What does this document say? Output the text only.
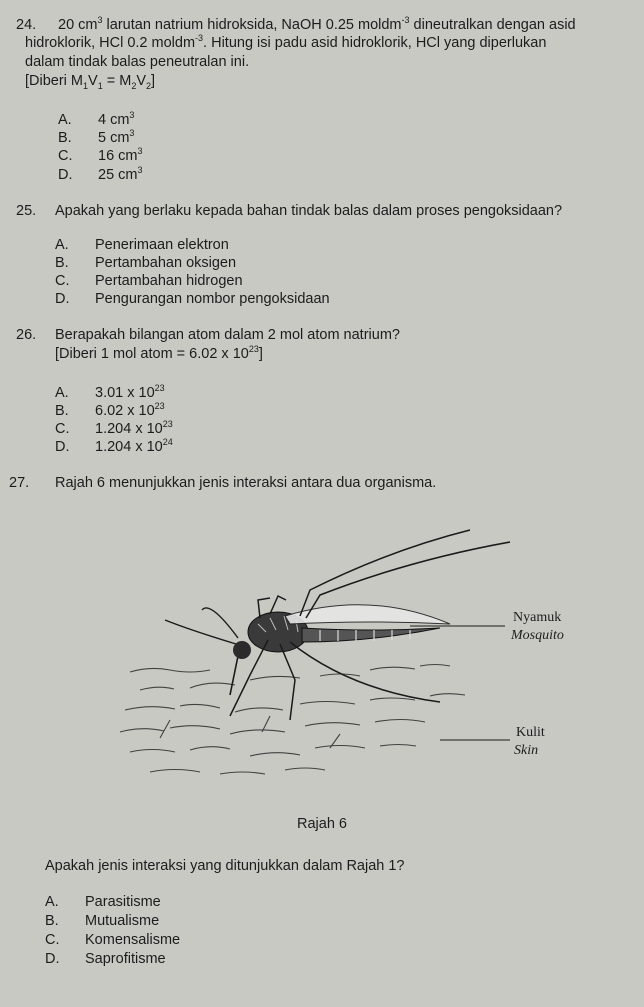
24. 20 $cm^3$ larutan natrium hidroksida, NaOH 0.25 moldm$^{-3}$ dineutralkan dengan asid
hidroklorik, HCl 0.2 moldm$^{-3}$. Hitung isi padu asid hidroklorik, HCl yang diperlukan
dalam tindak balas peneutralan ini.
[Diberi $M_1V_1 = M_2V_2$]
A. 4 $cm^3$
B. 5 $cm^3$
C. 16 $cm^3$
D. 25 $cm^3$
25. Apakah yang berlaku kepada bahan tindak balas dalam proses pengoksidaan?
A. Penerimaan elektron
B. Pertambahan oksigen
C. Pertambahan hidrogen
D. Pengurangan nombor pengoksidaan
26. Berapakah bilangan atom dalam 2 mol atom natrium?
[Diberi 1 mol atom = 6.02 x $10^{23}$]
A. 3.01 x $10^{23}$
B. 6.02 x $10^{23}$
C. 1.204 x $10^{23}$
D. 1.204 x $10^{24}$
27. Rajah 6 menunjukkan jenis interaksi antara dua organisma.
Nyamuk
Mosquito
Kulit
Skin
Rajah 6
Apakah jenis interaksi yang ditunjukkan dalam Rajah 1?
A. Parasitisme
B. Mutualisme
C. Komensalisme
D. Saprofitisme
